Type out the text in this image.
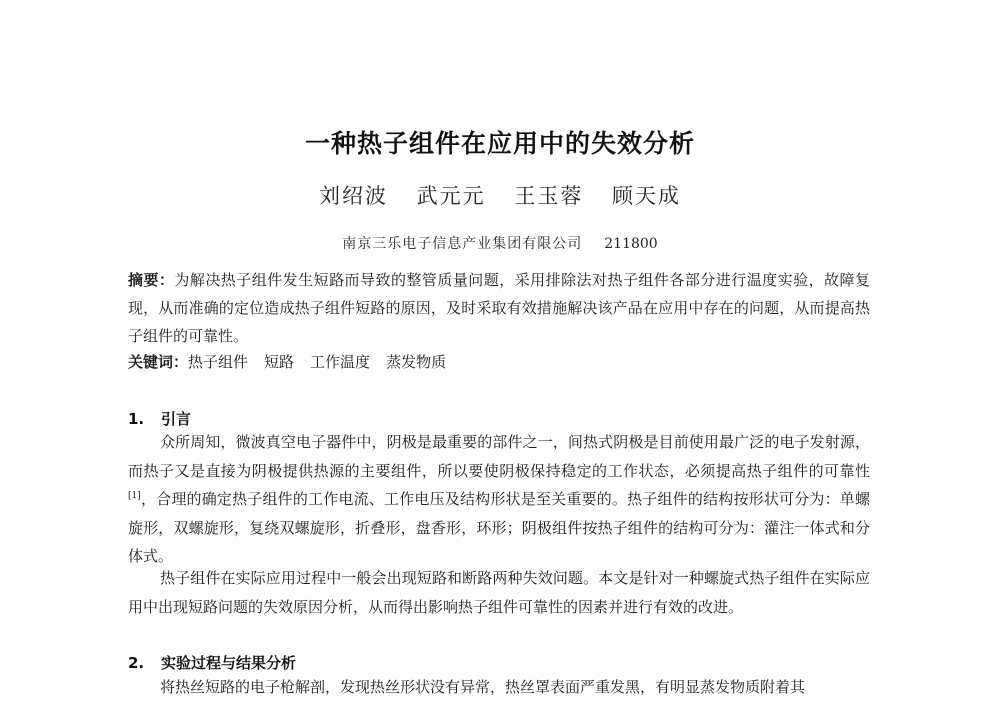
一种热子组件在应用中的失效分析
刘绍波 武元元 王玉蓉 顾天成
南京三乐电子信息产业集团有限公司 211800
摘要：为解决热子组件发生短路而导致的整管质量问题，采用排除法对热子组件各部分进行温度实验，故障复现，从而准确的定位造成热子组件短路的原因，及时采取有效措施解决该产品在应用中存在的问题，从而提高热子组件的可靠性。
关键词：热子组件 短路 工作温度 蒸发物质
1. 引言
众所周知，微波真空电子器件中，阴极是最重要的部件之一，间热式阴极是目前使用最广泛的电子发射源，而热子又是直接为阴极提供热源的主要组件，所以要使阴极保持稳定的工作状态，必须提高热子组件的可靠性[1]，合理的确定热子组件的工作电流、工作电压及结构形状是至关重要的。热子组件的结构按形状可分为：单螺旋形，双螺旋形，复绕双螺旋形，折叠形，盘香形，环形；阴极组件按热子组件的结构可分为：灌注一体式和分体式。
热子组件在实际应用过程中一般会出现短路和断路两种失效问题。本文是针对一种螺旋式热子组件在实际应用中出现短路问题的失效原因分析，从而得出影响热子组件可靠性的因素并进行有效的改进。
2. 实验过程与结果分析
将热丝短路的电子枪解剖，发现热丝形状没有异常，热丝罩表面严重发黑，有明显蒸发物质附着其
